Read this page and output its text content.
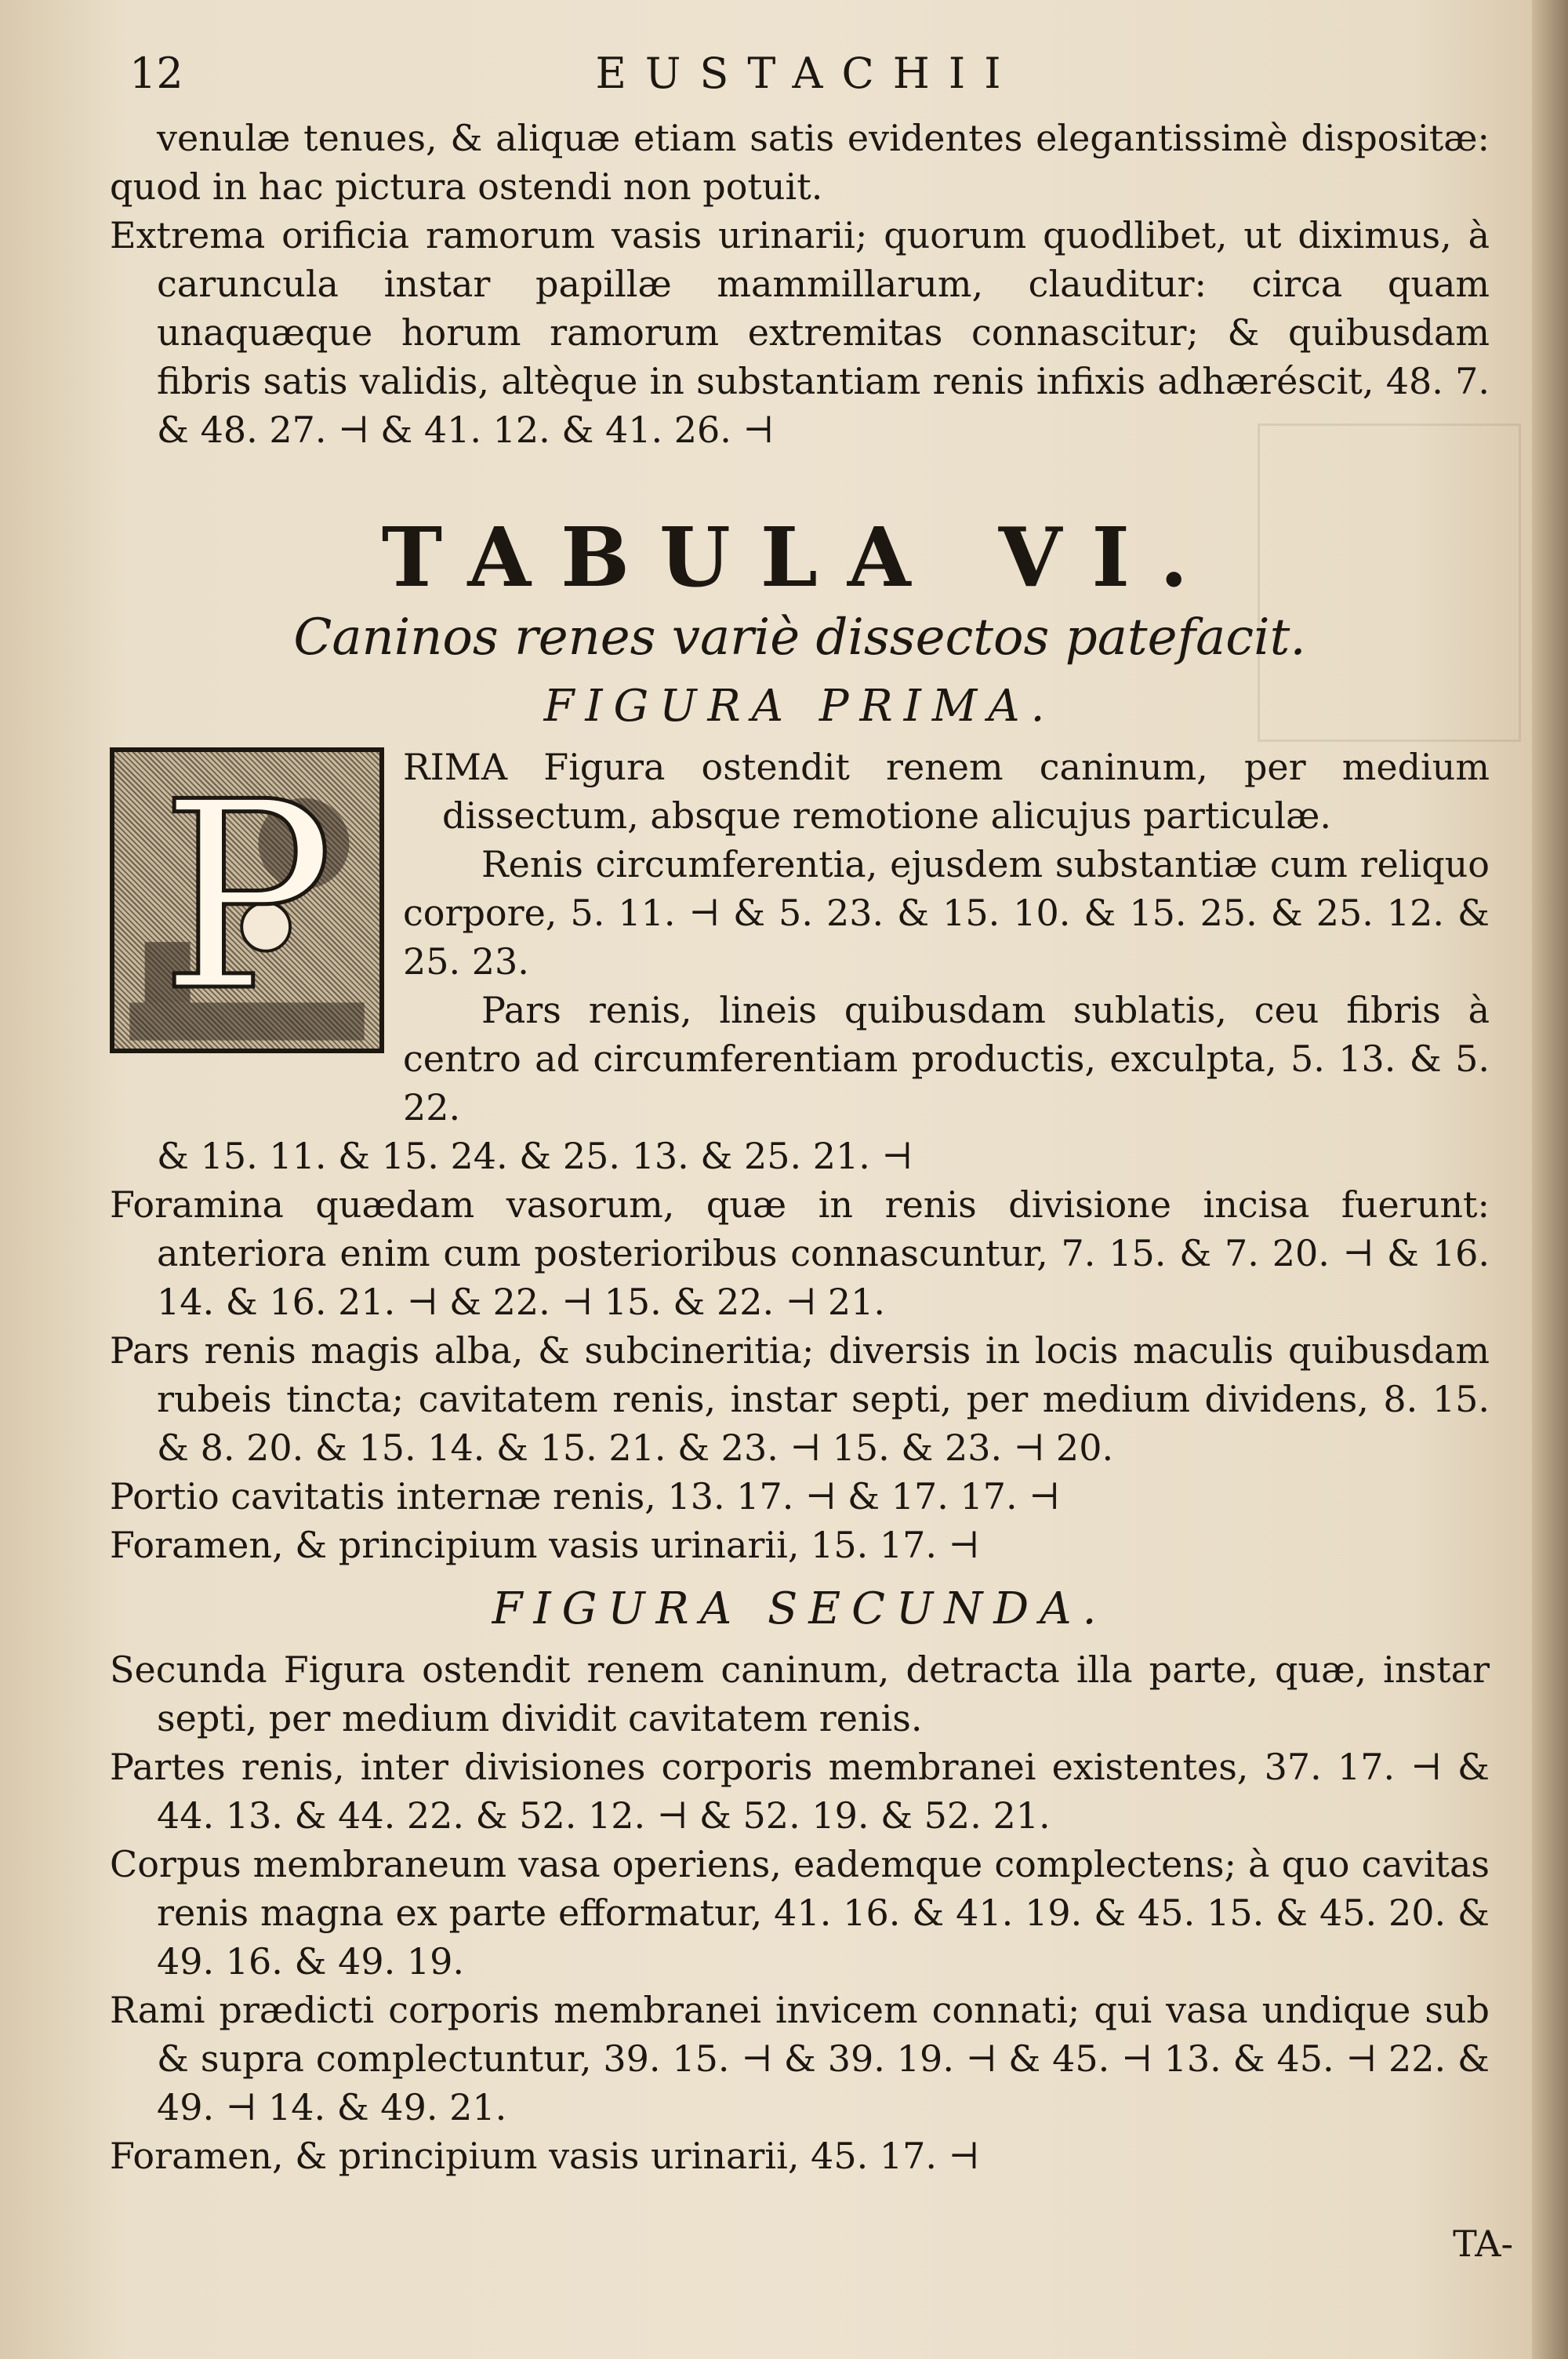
12	EUSTACHII

venulæ tenues, & aliquæ etiam satis evidentes elegantissimè dispositæ: quod in hac pictura ostendi non potuit.

Extrema orificia ramorum vasis urinarii; quorum quodlibet, ut diximus, à caruncula instar papillæ mammillarum, clauditur: circa quam unaquæque horum ramorum extremitas connascitur; & quibusdam fibris satis validis, altèque in substantiam renis infixis adhæréscit, 48. 7. & 48. 27. ⊣ & 41. 12. & 41. 26. ⊣

TABULA VI.
Caninos renes variè dissectos patefacit.
FIGURA PRIMA.
P	RIMA Figura ostendit renem caninum, per medium dissectum, absque remotione alicujus particulæ.

Renis circumferentia, ejusdem substantiæ cum reliquo corpore, 5. 11. ⊣ & 5. 23. & 15. 10. & 15. 25. & 25. 12. & 25. 23.

Pars renis, lineis quibusdam sublatis, ceu fibris à centro ad circumferentiam productis, exculpta, 5. 13. & 5. 22.

& 15. 11. & 15. 24. & 25. 13. & 25. 21. ⊣

Foramina quædam vasorum, quæ in renis divisione incisa fuerunt: anteriora enim cum posterioribus connascuntur, 7. 15. & 7. 20. ⊣ & 16. 14. & 16. 21. ⊣ & 22. ⊣ 15. & 22. ⊣ 21.

Pars renis magis alba, & subcineritia; diversis in locis maculis quibusdam rubeis tincta; cavitatem renis, instar septi, per medium dividens, 8. 15. & 8. 20. & 15. 14. & 15. 21. & 23. ⊣ 15. & 23. ⊣ 20.

Portio cavitatis internæ renis, 13. 17. ⊣ & 17. 17. ⊣

Foramen, & principium vasis urinarii, 15. 17. ⊣

FIGURA SECUNDA.

Secunda Figura ostendit renem caninum, detracta illa parte, quæ, instar septi, per medium dividit cavitatem renis.

Partes renis, inter divisiones corporis membranei existentes, 37. 17. ⊣ & 44. 13. & 44. 22. & 52. 12. ⊣ & 52. 19. & 52. 21.

Corpus membraneum vasa operiens, eademque complectens; à quo cavitas renis magna ex parte efformatur, 41. 16. & 41. 19. & 45. 15. & 45. 20. & 49. 16. & 49. 19.

Rami prædicti corporis membranei invicem connati; qui vasa undique sub & supra complectuntur, 39. 15. ⊣ & 39. 19. ⊣ & 45. ⊣ 13. & 45. ⊣ 22. & 49. ⊣ 14. & 49. 21.

Foramen, & principium vasis urinarii, 45. 17. ⊣

TA-
